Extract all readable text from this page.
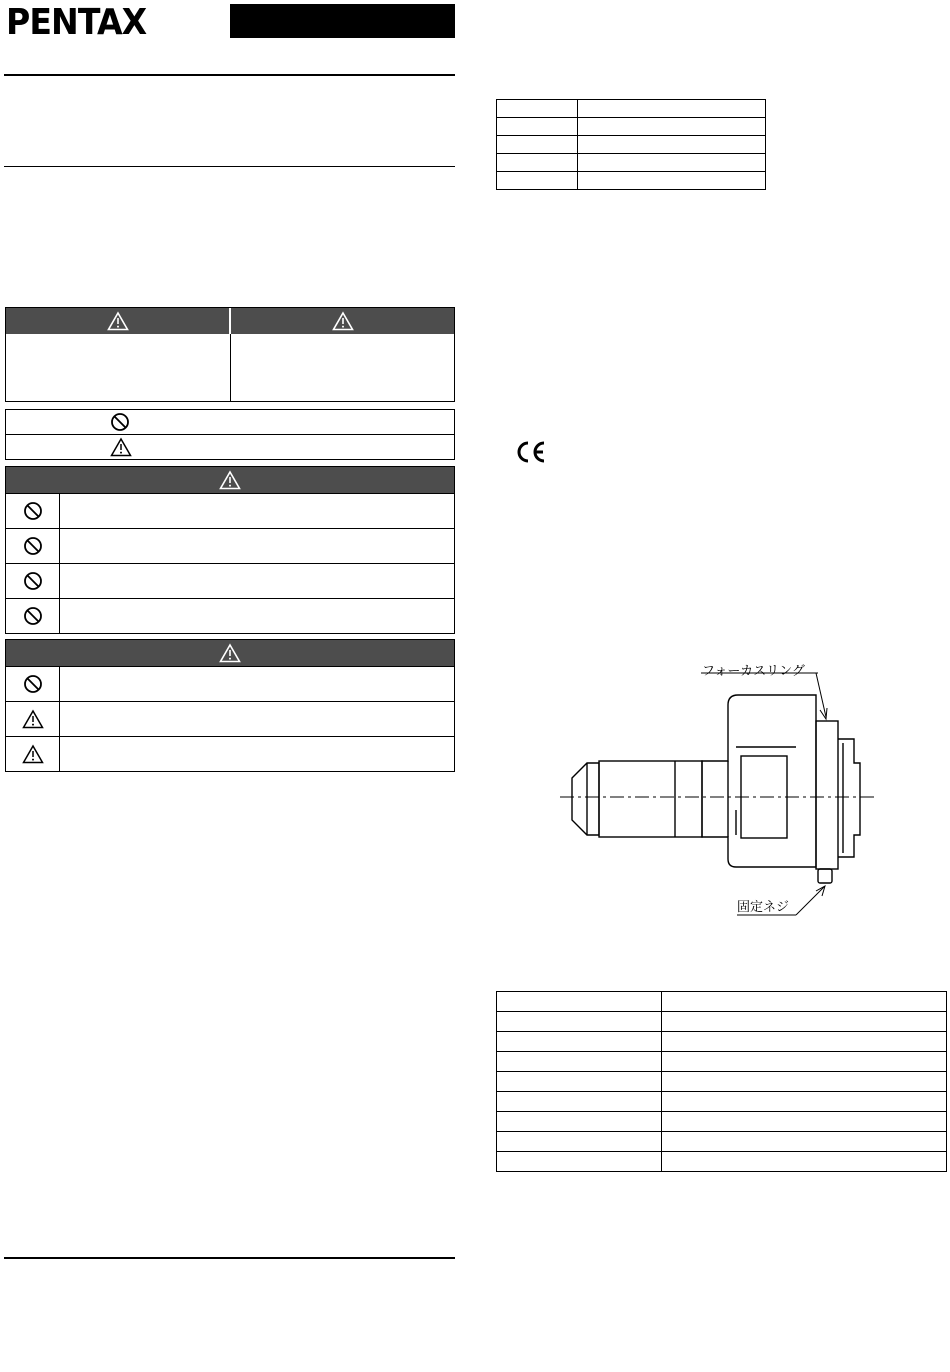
PENTAX

フォーカスリング
固定ネジ
